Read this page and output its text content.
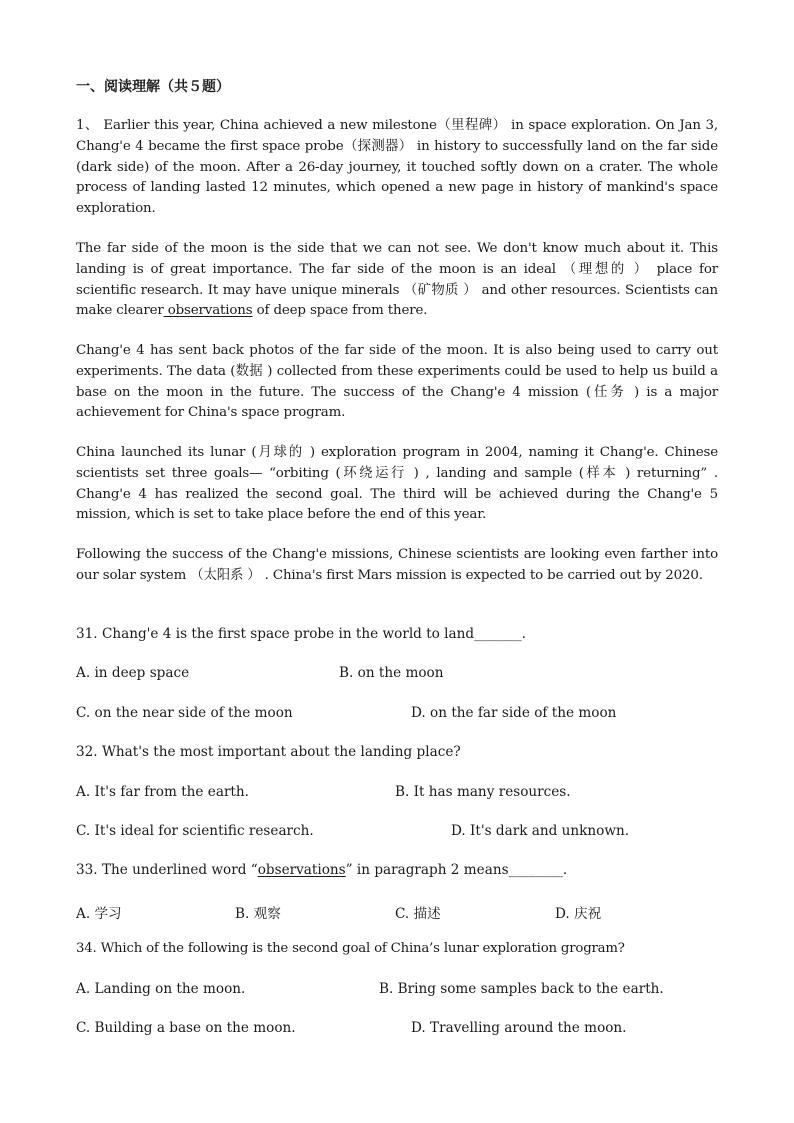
一、阅读理解（共５题）
1、 Earlier this year, China achieved a new milestone（里程碑） in space exploration. On Jan 3, Chang'e 4 became the first space probe（探测器） in history to successfully land on the far side (dark side) of the moon. After a 26-day journey, it touched softly down on a crater. The whole process of landing lasted 12 minutes, which opened a new page in history of mankind's space exploration.
The far side of the moon is the side that we can not see. We don't know much about it. This landing is of great importance. The far side of the moon is an ideal （理想的 ） place for scientific research. It may have unique minerals （矿物质 ） and other resources. Scientists can make clearer observations of deep space from there.
Chang'e 4 has sent back photos of the far side of the moon. It is also being used to carry out experiments. The data (数据 ) collected from these experiments could be used to help us build a base on the moon in the future. The success of the Chang'e 4 mission (任务 ) is a major achievement for China's space program.
China launched its lunar (月球的 ) exploration program in 2004, naming it Chang'e. Chinese scientists set three goals— “orbiting (环绕运行 ) , landing and sample (样本 ) returning” . Chang'e 4 has realized the second goal. The third will be achieved during the Chang'e 5 mission, which is set to take place before the end of this year.
Following the success of the Chang'e missions, Chinese scientists are looking even farther into our solar system （太阳系 ） . China's first Mars mission is expected to be carried out by 2020.
31. Chang'e 4 is the first space probe in the world to land_______.
A. in deep space	B. on the moon
C. on the near side of the moon	D. on the far side of the moon
32. What's the most important about the landing place?
A. It's far from the earth.	B. It has many resources.
C. It's ideal for scientific research.	D. It's dark and unknown.
33. The underlined word “observations” in paragraph 2 means________.
A. 学习	B. 观察	C. 描述	D. 庆祝
34. Which of the following is the second goal of China’s lunar exploration grogram?
A. Landing on the moon.	B. Bring some samples back to the earth.
C. Building a base on the moon.	D. Travelling around the moon.
